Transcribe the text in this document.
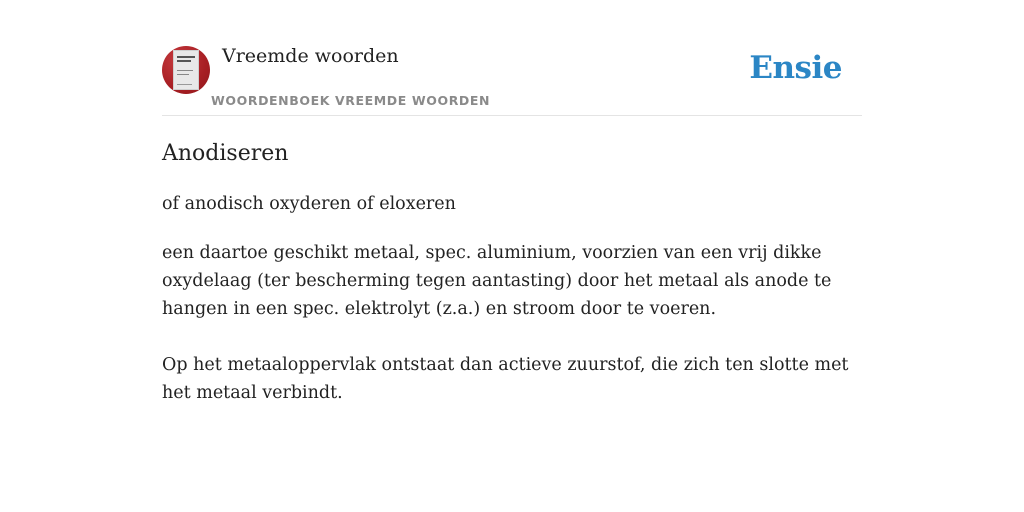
Vreemde woorden
WOORDENBOEK VREEMDE WOORDEN
Ensie
Anodiseren
of anodisch oxyderen of eloxeren

een daartoe geschikt metaal, spec. aluminium, voorzien van een vrij dikke oxydelaag (ter bescherming tegen aantasting) door het metaal als anode te hangen in een spec. elektrolyt (z.a.) en stroom door te voeren.

Op het metaaloppervlak ontstaat dan actieve zuurstof, die zich ten slotte met het metaal verbindt.
